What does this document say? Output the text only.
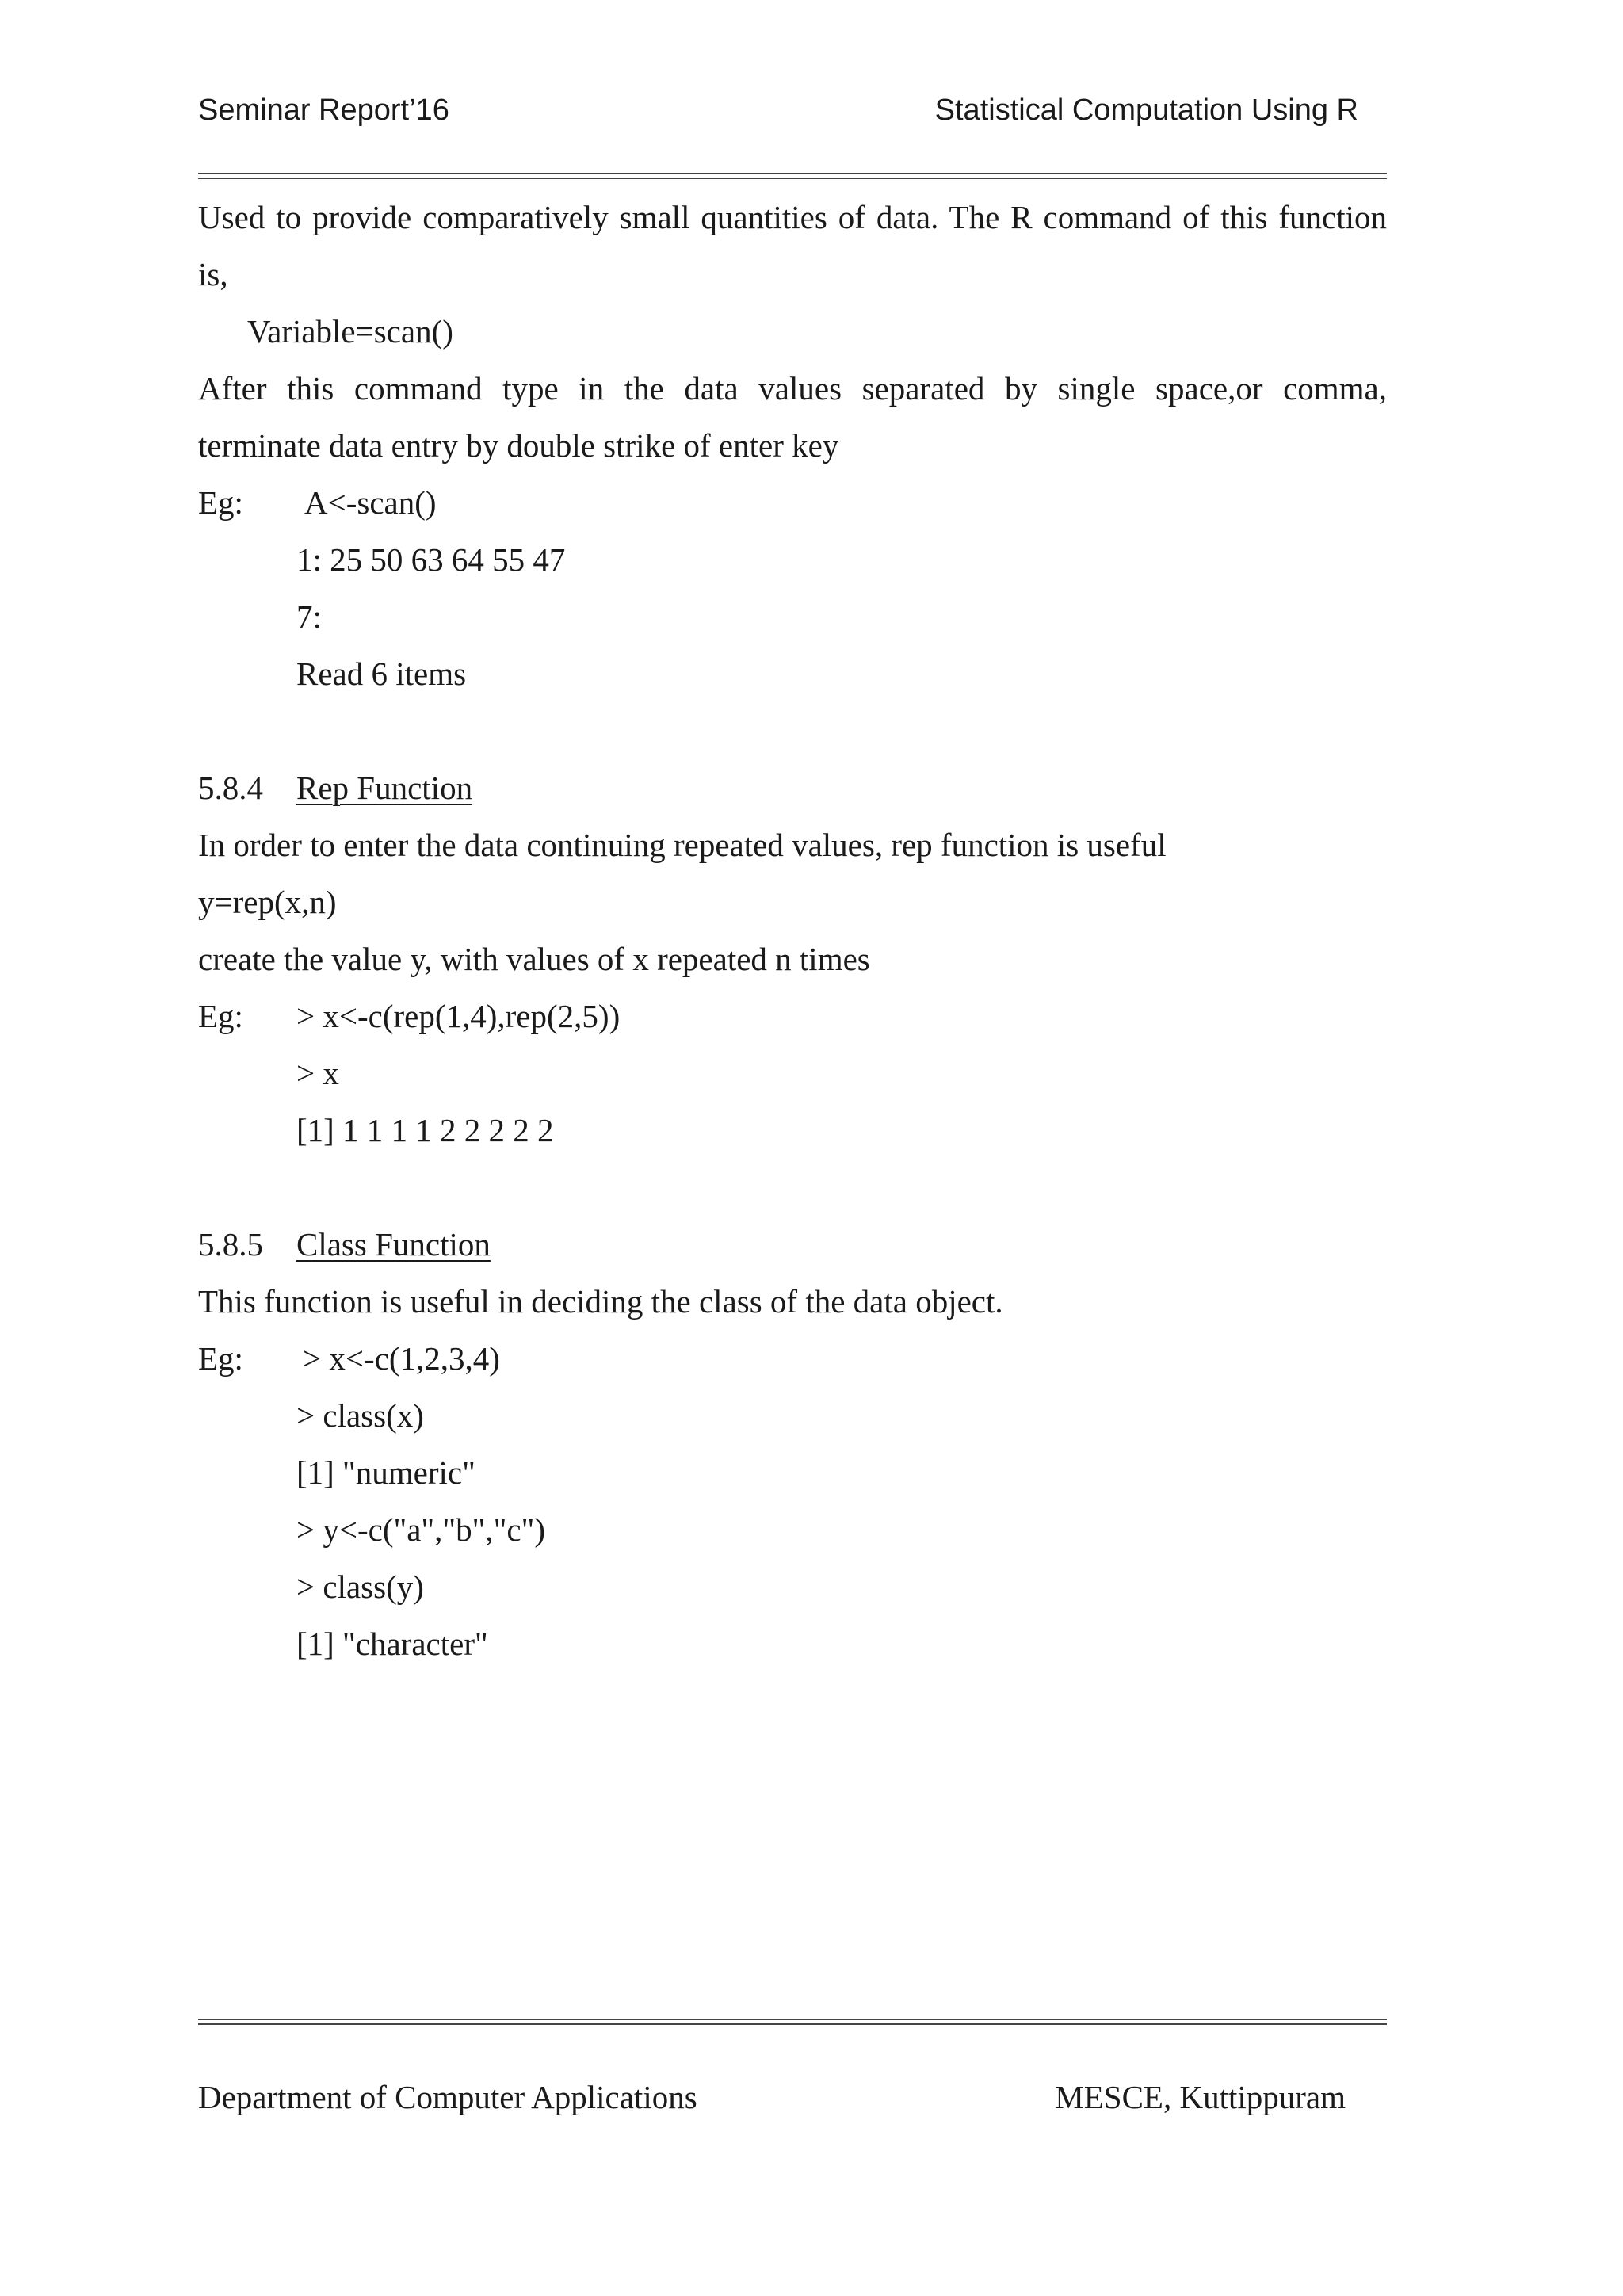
Seminar Report’16	Statistical Computation Using R
Used to provide comparatively small quantities of data. The R command of this function
is,
Variable=scan()
After this command type in the data values separated by single space,or comma,
terminate data entry by double strike of enter key
Eg: A<-scan()
1: 25 50 63 64 55 47
7:
Read 6 items
5.8.4 Rep Function
In order to enter the data continuing repeated values, rep function is useful
y=rep(x,n)
create the value y, with values of x repeated n times
Eg: > x<-c(rep(1,4),rep(2,5))
> x
[1] 1 1 1 1 2 2 2 2 2
5.8.5 Class Function
This function is useful in deciding the class of the data object.
Eg: > x<-c(1,2,3,4)
> class(x)
[1] "numeric"
> y<-c("a","b","c")
> class(y)
[1] "character"
Department of Computer Applications	MESCE, Kuttippuram
